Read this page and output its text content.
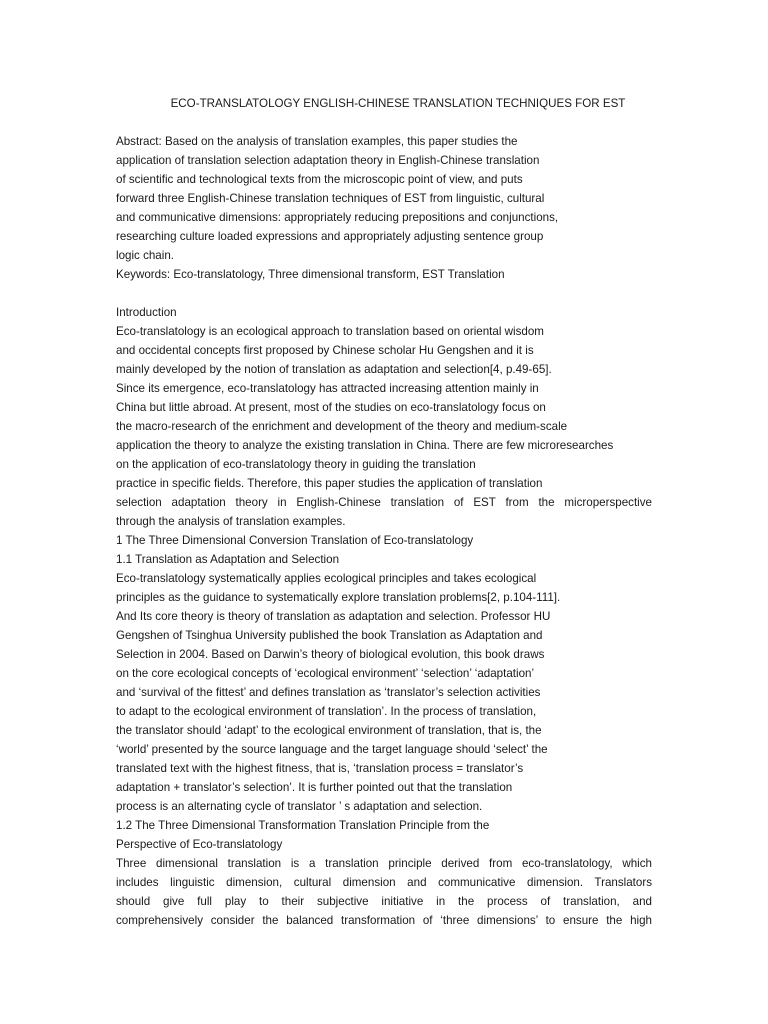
ECO-TRANSLATOLOGY ENGLISH-CHINESE TRANSLATION TECHNIQUES FOR EST
Abstract: Based on the analysis of translation examples, this paper studies the
application of translation selection adaptation theory in English-Chinese translation
of scientific and technological texts from the microscopic point of view, and puts
forward three English-Chinese translation techniques of EST from linguistic, cultural
and communicative dimensions: appropriately reducing prepositions and conjunctions,
researching culture loaded expressions and appropriately adjusting sentence group
logic chain.
Keywords: Eco-translatology, Three dimensional transform, EST Translation
Introduction
Eco-translatology is an ecological approach to translation based on oriental wisdom
and occidental concepts first proposed by Chinese scholar Hu Gengshen and it is
mainly developed by the notion of translation as adaptation and selection[4, p.49-65].
Since its emergence, eco-translatology has attracted increasing attention mainly in
China but little abroad. At present, most of the studies on eco-translatology focus on
the macro-research of the enrichment and development of the theory and medium-scale
application the theory to analyze the existing translation in China. There are few microresearches
on the application of eco-translatology theory in guiding the translation
practice in specific fields. Therefore, this paper studies the application of translation
selection adaptation theory in English-Chinese translation of EST from the microperspective
through the analysis of translation examples.
1 The Three Dimensional Conversion Translation of Eco-translatology
1.1 Translation as Adaptation and Selection
Eco-translatology systematically applies ecological principles and takes ecological
principles as the guidance to systematically explore translation problems[2, p.104-111].
And Its core theory is theory of translation as adaptation and selection. Professor HU
Gengshen of Tsinghua University published the book Translation as Adaptation and
Selection in 2004. Based on Darwin’s theory of biological evolution, this book draws
on the core ecological concepts of ‘ecological environment’ ‘selection’ ‘adaptation’
and ‘survival of the fittest’ and defines translation as ‘translator’s selection activities
to adapt to the ecological environment of translation’. In the process of translation,
the translator should ‘adapt’ to the ecological environment of translation, that is, the
‘world’ presented by the source language and the target language should ‘select’ the
translated text with the highest fitness, that is, ‘translation process = translator’s
adaptation + translator’s selection’. It is further pointed out that the translation
process is an alternating cycle of translator ’ s adaptation and selection.
1.2 The Three Dimensional Transformation Translation Principle from the
Perspective of Eco-translatology
Three dimensional translation is a translation principle derived from eco-translatology, which
includes linguistic dimension, cultural dimension and communicative dimension. Translators
should give full play to their subjective initiative in the process of translation, and
comprehensively consider the balanced transformation of ‘three dimensions’ to ensure the high
